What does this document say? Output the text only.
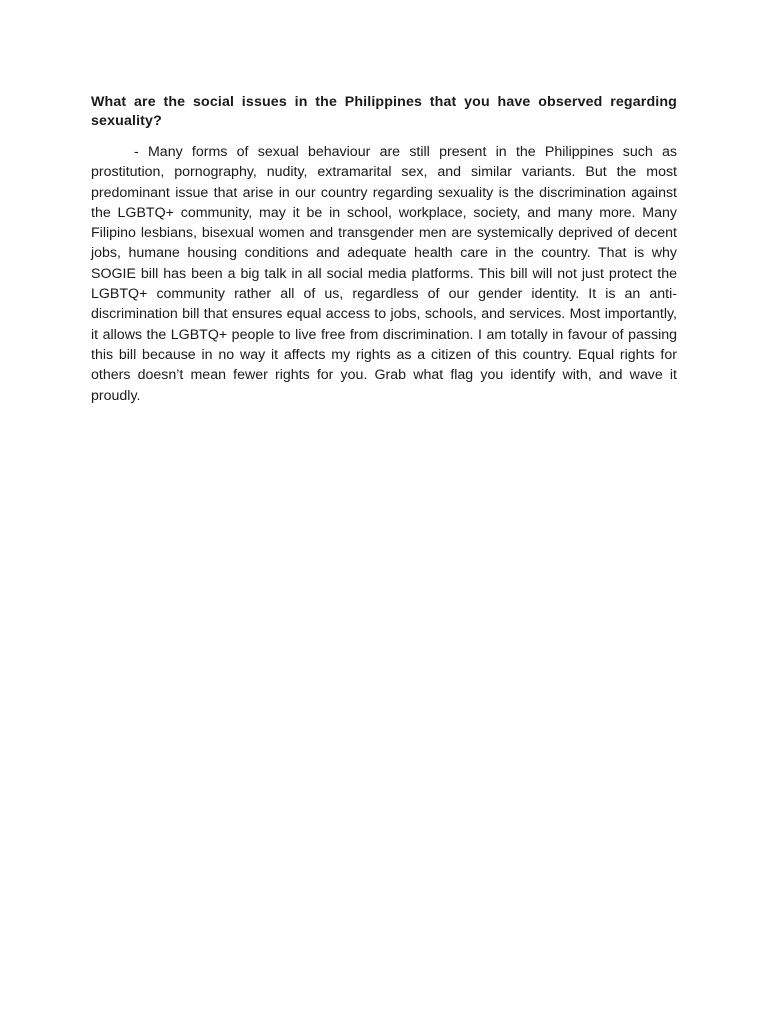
What are the social issues in the Philippines that you have observed regarding sexuality?

- Many forms of sexual behaviour are still present in the Philippines such as prostitution, pornography, nudity, extramarital sex, and similar variants. But the most predominant issue that arise in our country regarding sexuality is the discrimination against the LGBTQ+ community, may it be in school, workplace, society, and many more. Many Filipino lesbians, bisexual women and transgender men are systemically deprived of decent jobs, humane housing conditions and adequate health care in the country. That is why SOGIE bill has been a big talk in all social media platforms. This bill will not just protect the LGBTQ+ community rather all of us, regardless of our gender identity. It is an anti-discrimination bill that ensures equal access to jobs, schools, and services. Most importantly, it allows the LGBTQ+ people to live free from discrimination. I am totally in favour of passing this bill because in no way it affects my rights as a citizen of this country. Equal rights for others doesn’t mean fewer rights for you. Grab what flag you identify with, and wave it proudly.
